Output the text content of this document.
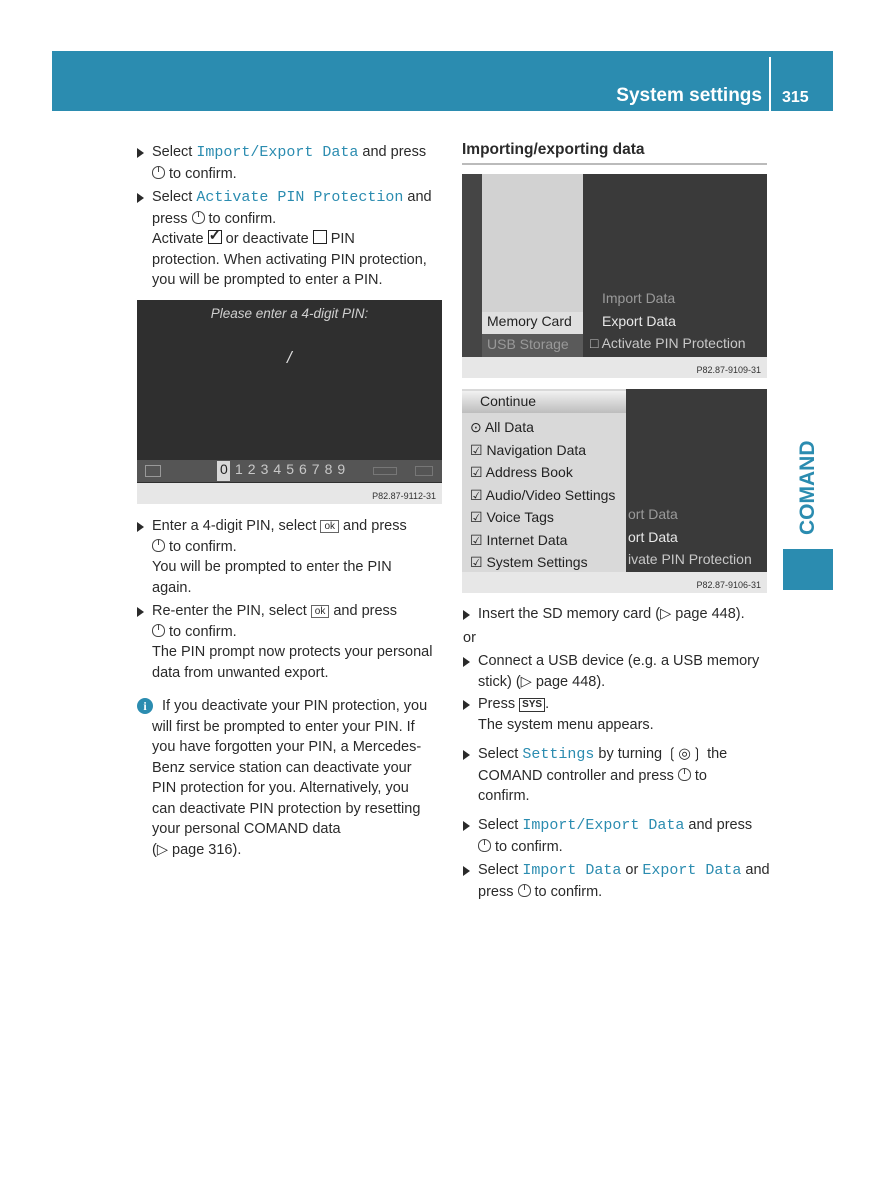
System settings 315
COMAND
Select Import/Export Data and press
to confirm.
Select Activate PIN Protection and
press  to confirm.
Activate ✓ or deactivate  PIN
protection. When activating PIN protection,
you will be prompted to enter a PIN.
Please enter a 4-digit PIN:
/
0 123456789
P82.87-9112-31
Enter a 4-digit PIN, select ok and press
to confirm.
You will be prompted to enter the PIN
again.
Re-enter the PIN, select ok and press
to confirm.
The PIN prompt now protects your personal
data from unwanted export.
i	If you deactivate your PIN protection, you
will first be prompted to enter your PIN. If
you have forgotten your PIN, a Mercedes-
Benz service station can deactivate your
PIN protection for you. Alternatively, you
can deactivate PIN protection by resetting
your personal COMAND data
(▷ page 316).
Importing/exporting data
Memory Card
USB Storage
Import Data
Export Data
□ Activate PIN Protection
P82.87-9109-31
Continue
⊙ All Data
☑ Navigation Data
☑ Address Book
☑ Audio/Video Settings
☑ Voice Tags
☑ Internet Data
☑ System Settings
ort Data
ort Data
ivate PIN Protection
P82.87-9106-31
Insert the SD memory card (▷ page 448).
or
Connect a USB device (e.g. a USB memory
stick) (▷ page 448).
Press SYS .
The system menu appears.
Select Settings by turning ❲◎❳ the
COMAND controller and press  to
confirm.
Select Import/Export Data and press
to confirm.
Select Import Data or Export Data and
press  to confirm.
